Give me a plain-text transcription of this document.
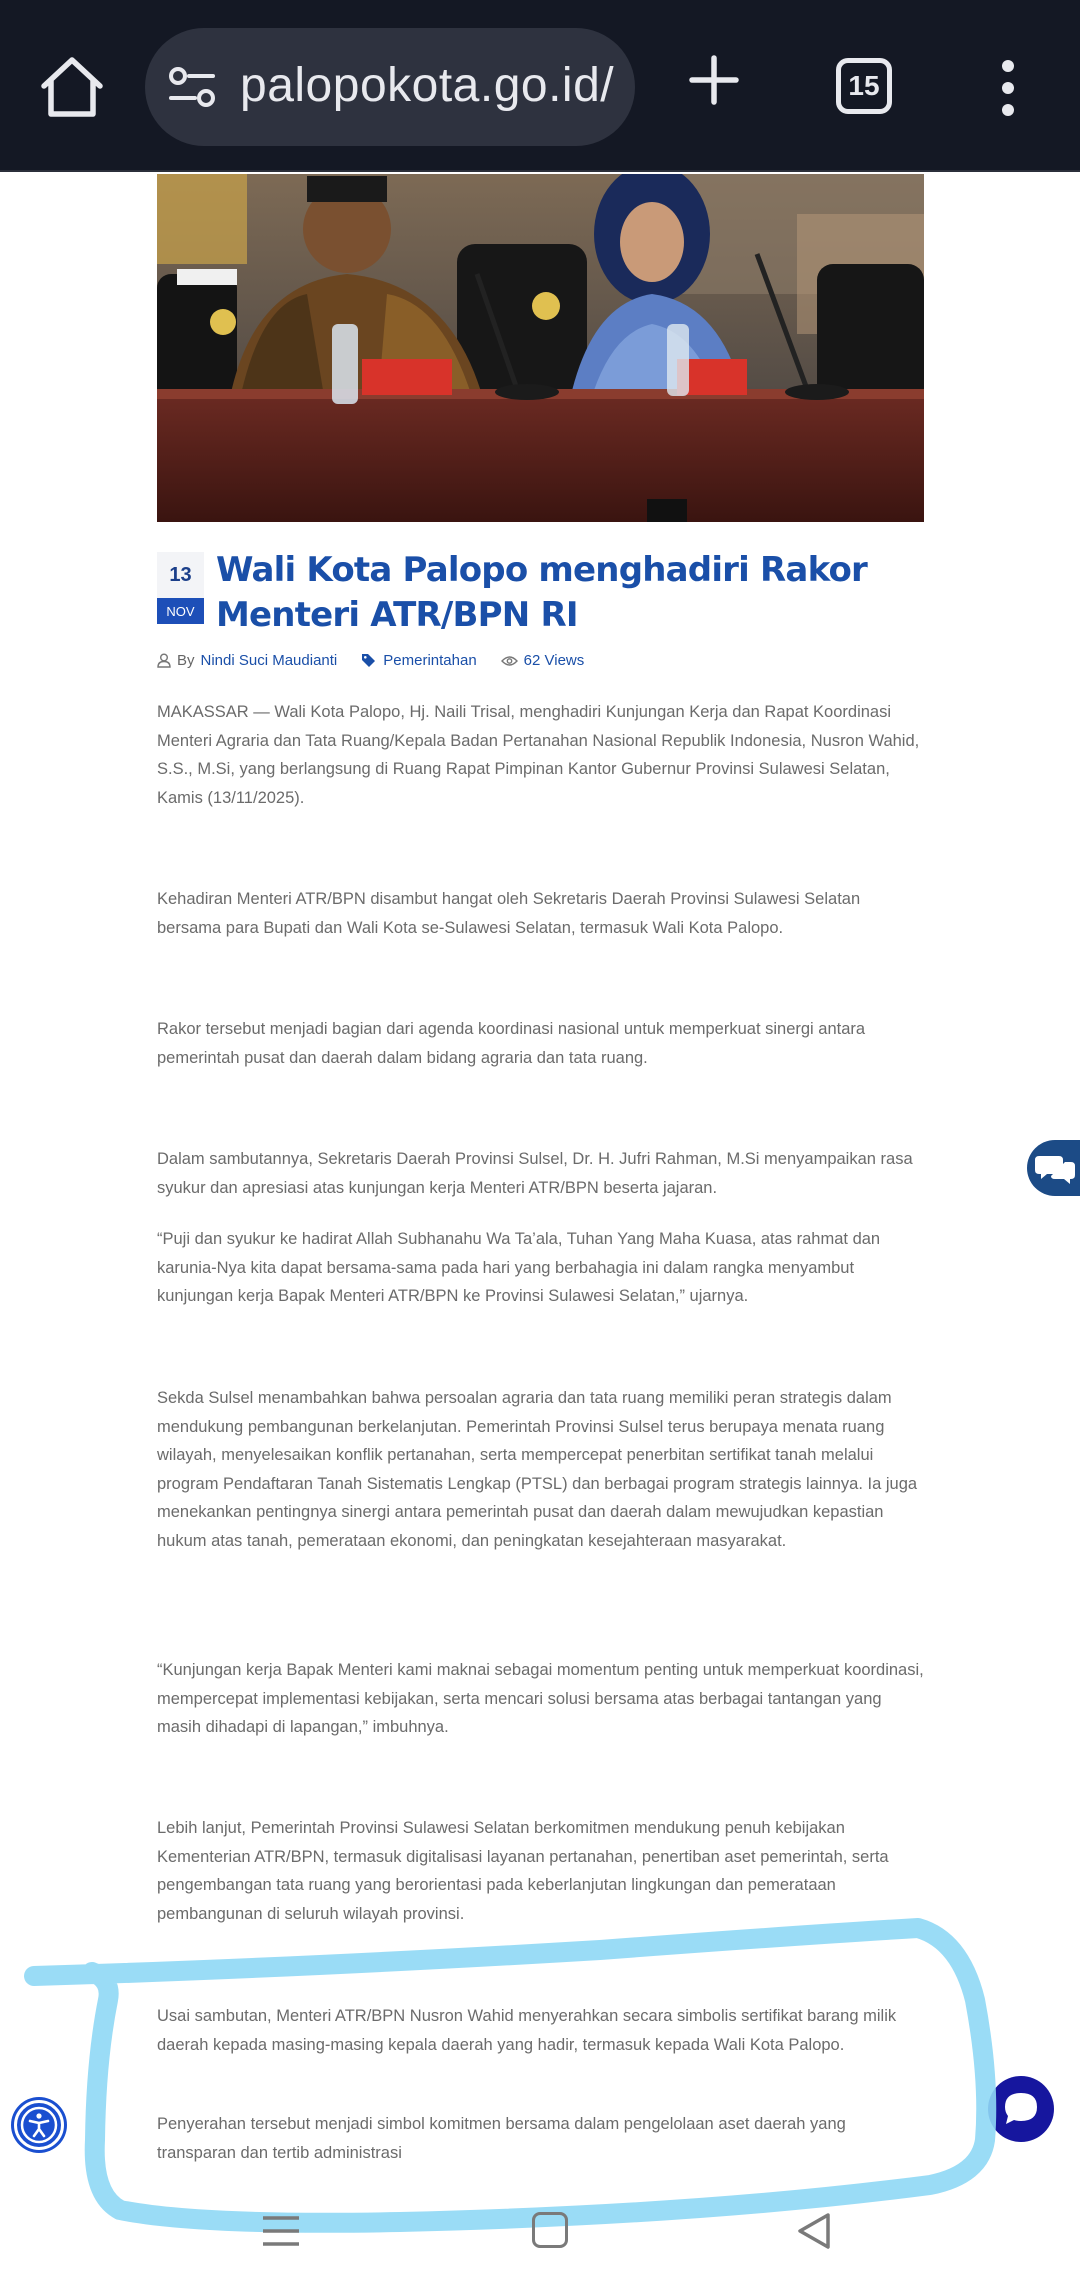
palopokota.go.id/	15
13
NOV
Wali Kota Palopo menghadiri Rakor Menteri ATR/BPN RI
By Nindi Suci Maudianti	Pemerintahan	62 Views

MAKASSAR — Wali Kota Palopo, Hj. Naili Trisal, menghadiri Kunjungan Kerja dan Rapat Koordinasi Menteri Agraria dan Tata Ruang/Kepala Badan Pertanahan Nasional Republik Indonesia, Nusron Wahid, S.S., M.Si, yang berlangsung di Ruang Rapat Pimpinan Kantor Gubernur Provinsi Sulawesi Selatan, Kamis (13/11/2025).

Kehadiran Menteri ATR/BPN disambut hangat oleh Sekretaris Daerah Provinsi Sulawesi Selatan bersama para Bupati dan Wali Kota se-Sulawesi Selatan, termasuk Wali Kota Palopo.

Rakor tersebut menjadi bagian dari agenda koordinasi nasional untuk memperkuat sinergi antara pemerintah pusat dan daerah dalam bidang agraria dan tata ruang.

Dalam sambutannya, Sekretaris Daerah Provinsi Sulsel, Dr. H. Jufri Rahman, M.Si menyampaikan rasa syukur dan apresiasi atas kunjungan kerja Menteri ATR/BPN beserta jajaran.

“Puji dan syukur ke hadirat Allah Subhanahu Wa Ta’ala, Tuhan Yang Maha Kuasa, atas rahmat dan karunia-Nya kita dapat bersama-sama pada hari yang berbahagia ini dalam rangka menyambut kunjungan kerja Bapak Menteri ATR/BPN ke Provinsi Sulawesi Selatan,” ujarnya.

Sekda Sulsel menambahkan bahwa persoalan agraria dan tata ruang memiliki peran strategis dalam mendukung pembangunan berkelanjutan. Pemerintah Provinsi Sulsel terus berupaya menata ruang wilayah, menyelesaikan konflik pertanahan, serta mempercepat penerbitan sertifikat tanah melalui program Pendaftaran Tanah Sistematis Lengkap (PTSL) dan berbagai program strategis lainnya. Ia juga menekankan pentingnya sinergi antara pemerintah pusat dan daerah dalam mewujudkan kepastian hukum atas tanah, pemerataan ekonomi, dan peningkatan kesejahteraan masyarakat.

“Kunjungan kerja Bapak Menteri kami maknai sebagai momentum penting untuk memperkuat koordinasi, mempercepat implementasi kebijakan, serta mencari solusi bersama atas berbagai tantangan yang masih dihadapi di lapangan,” imbuhnya.

Lebih lanjut, Pemerintah Provinsi Sulawesi Selatan berkomitmen mendukung penuh kebijakan Kementerian ATR/BPN, termasuk digitalisasi layanan pertanahan, penertiban aset pemerintah, serta pengembangan tata ruang yang berorientasi pada keberlanjutan lingkungan dan pemerataan pembangunan di seluruh wilayah provinsi.

Usai sambutan, Menteri ATR/BPN Nusron Wahid menyerahkan secara simbolis sertifikat barang milik daerah kepada masing-masing kepala daerah yang hadir, termasuk kepada Wali Kota Palopo.

Penyerahan tersebut menjadi simbol komitmen bersama dalam pengelolaan aset daerah yang transparan dan tertib administrasi
